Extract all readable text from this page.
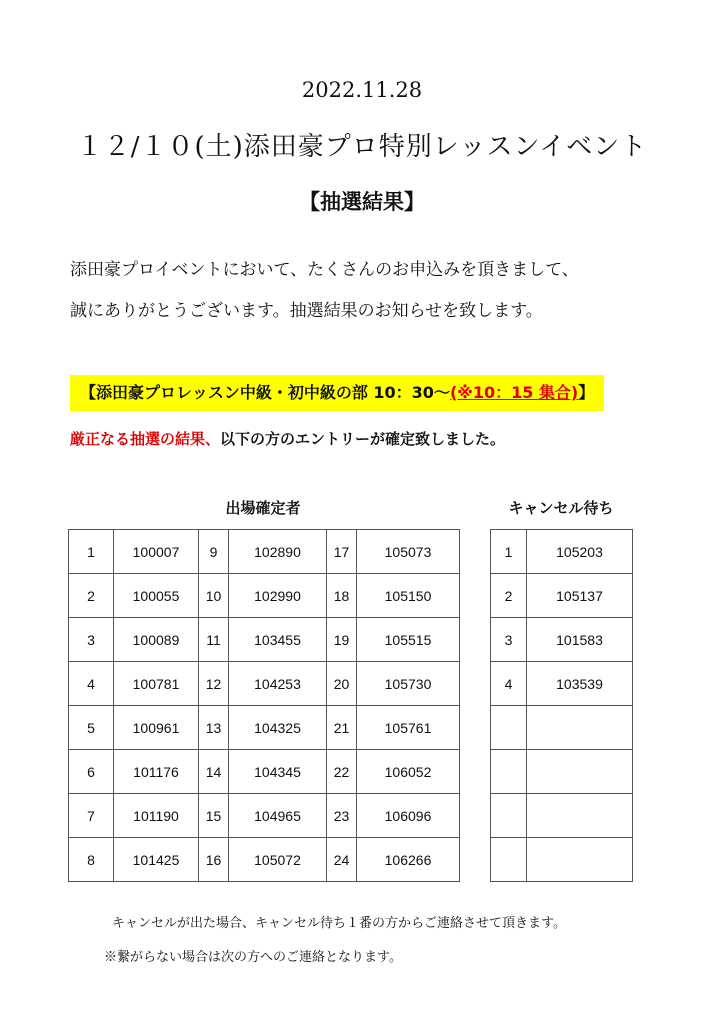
2022.11.28
１２/１０(土)添田豪プロ特別レッスンイベント
【抽選結果】
添田豪プロイベントにおいて、たくさんのお申込みを頂きまして、
誠にありがとうございます。抽選結果のお知らせを致します。
【添田豪プロレッスン中級・初中級の部 10：30～(※10：15 集合)】
厳正なる抽選の結果、以下の方のエントリーが確定致しました。
出場確定者	キャンセル待ち
1	100007	9	102890	17	105073
2	100055	10	102990	18	105150
3	100089	11	103455	19	105515
4	100781	12	104253	20	105730
5	100961	13	104325	21	105761
6	101176	14	104345	22	106052
7	101190	15	104965	23	106096
8	101425	16	105072	24	106266
1	105203
2	105137
3	101583
4	103539

キャンセルが出た場合、キャンセル待ち１番の方からご連絡させて頂きます。
※繋がらない場合は次の方へのご連絡となります。
